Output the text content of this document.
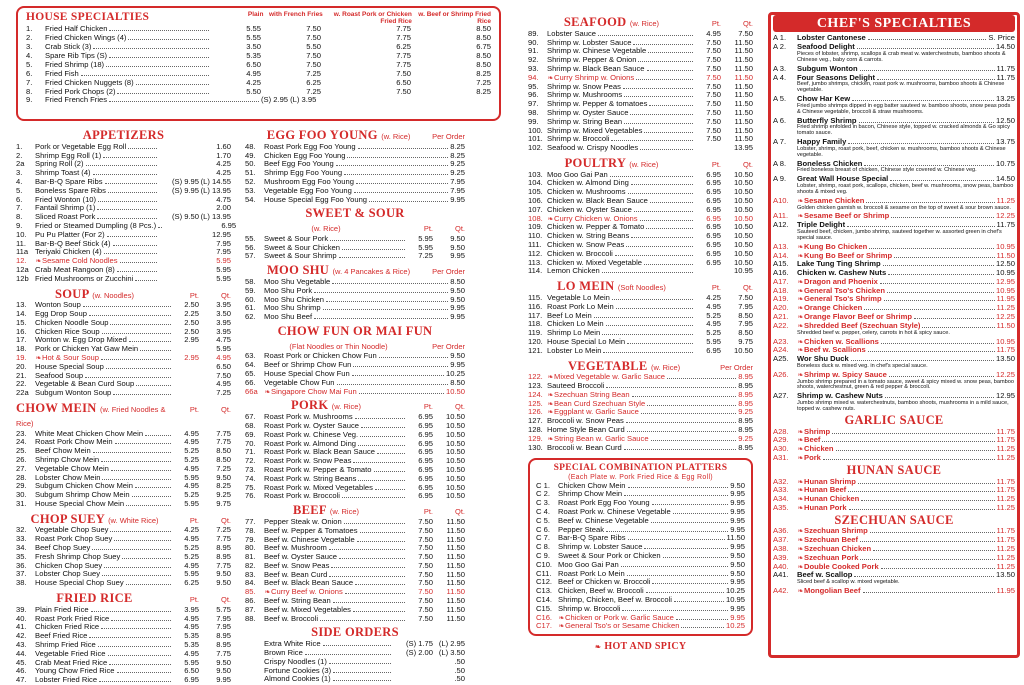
HOUSE SPECIALTIES	Plain with French Fries	w. Roast Pork or Chicken Fried Rice
w. Beef or Shrimp Fried Rice
1.	Fried Half Chicken	5.55	7.50	7.75	8.50
2.	Fried Chicken Wings (4)	5.55	7.50	7.75	8.50
3.	Crab Stick (3)	3.50	5.50	6.25	6.75
4.	Spare Rib Tips (S)	5.35	7.50	7.75	8.50
5.	Fried Shrimp (18)	6.50	7.50	7.75	8.50
6.	Fried Fish	4.95	7.25	7.50	8.25
7.	Fried Chicken Nuggets (8)	4.25	6.25	6.50	7.25
8.	Fried Pork Chops (2)	5.50	7.25	7.50	8.25
9.	Fried French Fries	(S) 2.95 (L) 3.95
APPETIZERS
1.	Pork or Vegetable Egg Roll	1.60
2.	Shrimp Egg Roll (1)	1.70
2a	Spring Roll (2)	4.25
3.	Shrimp Toast (4)	4.25
4.	Bar-B-Q Spare Ribs	(S) 9.95 (L) 14.55
5.	Boneless Spare Ribs	(S) 9.95 (L) 13.95
6.	Fried Wonton (10)	4.75
7.	Fantail Shrimp (1)	2.00
8.	Sliced Roast Pork	(S) 9.50 (L) 13.95
9.	Fried or Steamed Dumpling (8 Pcs.)	6.95
10.	Pu Pu Platter (For 2)	12.95
11.	Bar-B-Q Beef Stick (4)	7.95
11a Teriyaki Chicken (4)	7.95
12.	❧ Sesame Cold Noodles	5.95
12a Crab Meat Rangoon (8)	5.95
12b Fried Mushrooms or Zucchini	5.95
SOUP (w. Noodles)	Pt.	Qt.
13.	Wonton Soup	2.50	3.95
14.	Egg Drop Soup	2.25	3.50
15.	Chicken Noodle Soup	2.50	3.95
16.	Chicken Rice Soup	2.50	3.95
17.	Wonton w. Egg Drop Mixed	2.95	4.75
18.	Pork or Chicken Yat Gaw Mein	5.95
19.	❧ Hot & Sour Soup	2.95	4.95
20.	House Special Soup	6.50
21.	Seafood Soup	7.50
22.	Vegetable & Bean Curd Soup	4.95
22a Subgum Wonton Soup	7.25
CHOW MEIN (w. Fried Noodles & Rice)
Pt.	Qt.
23.	White Meat Chicken Chow Mein	4.95	7.75
24.	Roast Pork Chow Mein	4.95	7.75
25.	Beef Chow Mein	5.25	8.50
26.	Shrimp Chow Mein	5.25	8.50
27.	Vegetable Chow Mein	4.95	7.25
28.	Lobster Chow Mein	5.95	9.50
29.	Subgum Chicken Chow Mein	4.95	8.25
30.	Subgum Shrimp Chow Mein	5.25	9.25
31.	House Special Chow Mein	5.95	9.75
CHOP SUEY (w. White Rice)	Pt.	Qt.
32.	Vegetable Chop Suey	4.25	7.25
33.	Roast Pork Chop Suey	4.95	7.75
34.	Beef Chop Suey	5.25	8.95
35.	Fresh Shrimp Chop Suey	5.25	8.95
36.	Chicken Chop Suey	4.95	7.75
37.	Lobster Chop Suey	5.95	9.50
38.	House Special Chop Suey	6.25	9.50
FRIED RICE	Pt.	Qt.
39.	Plain Fried Rice	3.95	5.75
40.	Roast Pork Fried Rice	4.95	7.95
41.	Chicken Fried Rice	4.95	7.95
42.	Beef Fried Rice	5.35	8.95
43.	Shrimp Fried Rice	5.35	8.95
44.	Vegetable Fried Rice	4.95	7.75
45.	Crab Meat Fried Rice	5.95	9.50
46.	Young Chow Fried Rice	6.50	9.50
47.	Lobster Fried Rice	6.95	9.95
EGG FOO YOUNG (w. Rice)	Per Order
48.	Roast Pork Egg Foo Young	8.25
49.	Chicken Egg Foo Young	8.25
50.	Beef Egg Foo Young	9.25
51.	Shrimp Egg Foo Young	9.25
52.	Mushroom Egg Foo Young	7.95
53.	Vegetable Egg Foo Young	7.95
54.	House Special Egg Foo Young	9.95
SWEET & SOUR
(w. Rice)	Pt.	Qt.
55.	Sweet & Sour Pork	5.95	9.50
56.	Sweet & Sour Chicken	5.95	9.50
57.	Sweet & Sour Shrimp	7.25	9.95
MOO SHU (w. 4 Pancakes & Rice)	Per Order
58.	Moo Shu Vegetable	8.50
59.	Moo Shu Pork	9.50
60.	Moo Shu Chicken	9.50
61.	Moo Shu Shrimp	9.95
62.	Moo Shu Beef	9.95
CHOW FUN OR MAI FUN
(Flat Noodles or Thin Noodle)	Per Order
63.	Roast Pork or Chicken Chow Fun	9.50
64.	Beef or Shrimp Chow Fun	9.95
65.	House Special Chow Fun	10.25
66.	Vegetable Chow Fun	8.50
66a ❧ Singapore Chow Mai Fun	10.50
PORK (w. Rice)	Pt.	Qt.
67.	Roast Pork w. Mushrooms	6.95	10.50
68.	Roast Pork w. Oyster Sauce	6.95	10.50
69.	Roast Pork w. Chinese Veg.	6.95	10.50
70.	Roast Pork w. Almond Ding	6.95	10.50
71.	Roast Pork w. Black Bean Sauce	6.95	10.50
72.	Roast Pork w. Snow Peas	6.95	10.50
73.	Roast Pork w. Pepper & Tomato	6.95	10.50
74.	Roast Pork w. String Beans	6.95	10.50
75.	Roast Pork w. Mixed Vegetables	6.95	10.50
76.	Roast Pork w. Broccoli	6.95	10.50
BEEF (w. Rice)	Pt.	Qt.
77.	Pepper Steak w. Onion	7.50	11.50
78.	Beef w. Pepper & Tomatoes	7.50	11.50
79.	Beef w. Chinese Vegetable	7.50	11.50
80.	Beef w. Mushroom	7.50	11.50
81.	Beef w. Oyster Sauce	7.50	11.50
82.	Beef w. Snow Peas	7.50	11.50
83.	Beef w. Bean Curd	7.50	11.50
84.	Beef w. Black Bean Sauce	7.50	11.50
85.	❧ Curry Beef w. Onions	7.50	11.50
86.	Beef w. String Bean	7.50	11.50
87.	Beef w. Mixed Vegetables	7.50	11.50
88.	Beef w. Broccoli	7.50	11.50
SIDE ORDERS
Extra White Rice	(S) 1.75 (L) 2.95
Brown Rice	(S) 2.00 (L) 3.50
Crispy Noodles (1)	.50
Fortune Cookies (3)	.50
Almond Cookies (1)	.50
SEAFOOD (w. Rice)	Pt.	Qt.
89.	Lobster Sauce	4.95	7.50
90.	Shrimp w. Lobster Sauce	7.50	11.50
91.	Shrimp w. Chinese Vegetable	7.50	11.50
92.	Shrimp w. Pepper & Onion	7.50	11.50
93.	Shrimp w. Black Bean Sauce	7.50	11.50
94.	❧ Curry Shrimp w. Onions	7.50	11.50
95.	Shrimp w. Snow Peas	7.50	11.50
96.	Shrimp w. Mushrooms	7.50	11.50
97.	Shrimp w. Pepper & tomatoes	7.50	11.50
98.	Shrimp w. Oyster Sauce	7.50	11.50
99.	Shrimp w. String Bean	7.50	11.50
100. Shrimp w. Mixed Vegetables	7.50	11.50
101. Shrimp w. Broccoli	7.50	11.50
102. Seafood w. Crispy Noodles	13.95
POULTRY (w. Rice)	Pt.	Qt.
103. Moo Goo Gai Pan	6.95	10.50
104. Chicken w. Almond Ding	6.95	10.50
105. Chicken w. Mushrooms	6.95	10.50
106. Chicken w. Black Bean Sauce	6.95	10.50
107. Chicken w. Oyster Sauce	6.95	10.50
108. ❧ Curry Chicken w. Onions	6.95	10.50
109. Chicken w. Pepper & Tomato	6.95	10.50
110. Chicken w. String Beans	6.95	10.50
111. Chicken w. Snow Peas	6.95	10.50
112. Chicken w. Broccoli	6.95	10.50
113. Chicken w. Mixed Vegetable	6.95	10.50
114. Lemon Chicken	10.95
LO MEIN (Soft Noodles)	Pt.	Qt.
115. Vegetable Lo Mein	4.25	7.50
116. Roast Pork Lo Mein	4.95	7.95
117. Beef Lo Mein	5.25	8.50
118. Chicken Lo Mein	4.95	7.95
119. Shrimp Lo Mein	5.25	8.50
120. House Special Lo Mein	5.95	9.75
121. Lobster Lo Mein	6.95	10.50
VEGETABLE (w. Rice)	Per Order
122. ❧ Mixed Vegetable w. Garlic Sauce	8.95
123. Sauteed Broccoli	8.95
124. ❧ Szechuan String Bean	8.95
125. ❧ Bean Curd Szechuan Style	8.95
126. ❧ Eggplant w. Garlic Sauce	9.25
127. Broccoli w. Snow Peas	8.95
128. Home Style Bean Curd	8.95
129. ❧ String Bean w. Garlic Sauce	9.25
130. Broccoli w. Bean Curd	8.95
SPECIAL COMBINATION PLATTERS
(Each Plate w. Pork Fried Rice & Egg Roll)
C 1.	Chicken Chow Mein	9.50
C 2.	Shrimp Chow Mein	9.95
C 3.	Roast Pork Egg Foo Young	9.95
C 4.	Roast Pork w. Chinese Vegetable	9.95
C 5.	Beef w. Chinese Vegetable	9.95
C 6.	Pepper Steak	9.95
C 7.	Bar-B-Q Spare Ribs	11.50
C 8.	Shrimp w. Lobster Sauce	9.95
C 9.	Sweet & Sour Pork or Chicken	9.50
C10. Moo Goo Gai Pan	9.50
C11. Roast Pork Lo Mein	9.50
C12. Beef or Chicken w. Broccoli	9.95
C13. Chicken, Beef w. Broccoli	10.25
C14. Shrimp, Chicken, Beef w. Broccoli	10.95
C15. Shrimp w. Broccoli	9.95
C16. ❧ Chicken or Pork w. Garlic Sauce	9.95
C17. ❧ General Tso's or Sesame Chicken	10.25
❧ HOT AND SPICY
CHEF'S SPECIALTIES
A 1.	Lobster Cantonese	S. Price
A 2.	Seafood Delight	14.50
Pieces of lobster, shrimp, scallops & crab meat w. waterchestnuts, bamboo shoots & Chinese veg., baby corn & carrots.
A 3.	Subgum Wonton	11.75
A 4.	Four Seasons Delight	11.75
Beef, jumbo shrimps, chicken, roast pork w. mushrooms, bamboo shoots & Chinese vegetable.
A 5.	Chow Har Kew	13.25
Fried jumbo shrimps dipped in egg batter sauteed w. bamboo shoots, snow peas pods & Chinese vegetable, broccoli & straw mushrooms.
A 6.	Butterfly Shrimp	12.50
Fried shrimp enfolded in bacon, Chinese style, topped w. cracked almonds & Go spicy tomato sauce.
A 7.	Happy Family	13.75
Lobster, shrimp, roast pork, beef, chicken w. mushrooms, bamboo shoots & Chinese vegetable.
A 8.	Boneless Chicken	10.75
Fried boneless breast of chicken, Chinese style covered w. Chinese veg.
A 9.	Great Wall House Special	14.50
Lobster, shrimp, roast pork, scallops, chicken, beef w. mushrooms, snow peas, bamboo shoots & mixed veg.
A10.	❧ Sesame Chicken	11.25
Golden chicken garnish w. broccoli & sesame on the top of sweet & sour brown sauce.
A11.	❧ Sesame Beef or Shrimp	12.25
A12.	Triple Delight	11.75
Sauteed beef, chicken, jumbo shrimp, sauteed together w. assorted green in chef's special sauce.
A13.	❧ Kung Bo Chicken	10.95
A14.	❧ Kung Bo Beef or Shrimp	11.50
A15.	Lake Tung Ting Shrimp	12.50
A16.	Chicken w. Cashew Nuts	10.95
A17.	❧ Dragon and Phoenix	12.95
A18.	❧ General Tso's Chicken	10.95
A19.	❧ General Tso's Shrimp	11.95
A20.	❧ Orange Chicken	11.25
A21.	❧ Orange Flavor Beef or Shrimp	12.25
A22.	❧ Shredded Beef (Szechuan Style)	11.50
Shredded beef w. pepper, celery, carrots in hot & spicy sauce.
A23.	❧ Chicken w. Scallions	10.95
A24.	❧ Beef w. Scallions	11.75
A25.	Wor Shu Duck	13.50
Boneless duck w. mixed veg. in chef's special sauce.
A26.	❧ Shrimp w. Spicy Sauce	12.25
Jumbo shrimp prepared in a tomato sauce, sweet & spicy mixed w. snow peas, bamboo shoots, waterchestnut, green & red pepper & broccoli.
A27.	Shrimp w. Cashew Nuts	12.95
Jumbo shrimp mixed w. waterchestnuts, bamboo shoots, mushrooms in a mild sauce, topped w. cashew nuts.
GARLIC SAUCE
A28.	❧ Shrimp	11.75
A29.	❧ Beef	11.75
A30.	❧ Chicken	11.25
A31.	❧ Pork	11.25
HUNAN SAUCE
A32.	❧ Hunan Shrimp	11.75
A33.	❧ Hunan Beef	11.75
A34.	❧ Hunan Chicken	11.25
A35.	❧ Hunan Pork	11.25
SZECHUAN SAUCE
A36.	❧ Szechuan Shrimp	11.75
A37.	❧ Szechuan Beef	11.75
A38.	❧ Szechuan Chicken	11.25
A39.	❧ Szechuan Pork	11.25
A40.	❧ Double Cooked Pork	11.25
A41.	Beef w. Scallop	13.50
Sliced beef & scallop w. mixed vegetable.
A42.	❧ Mongolian Beef	11.95
